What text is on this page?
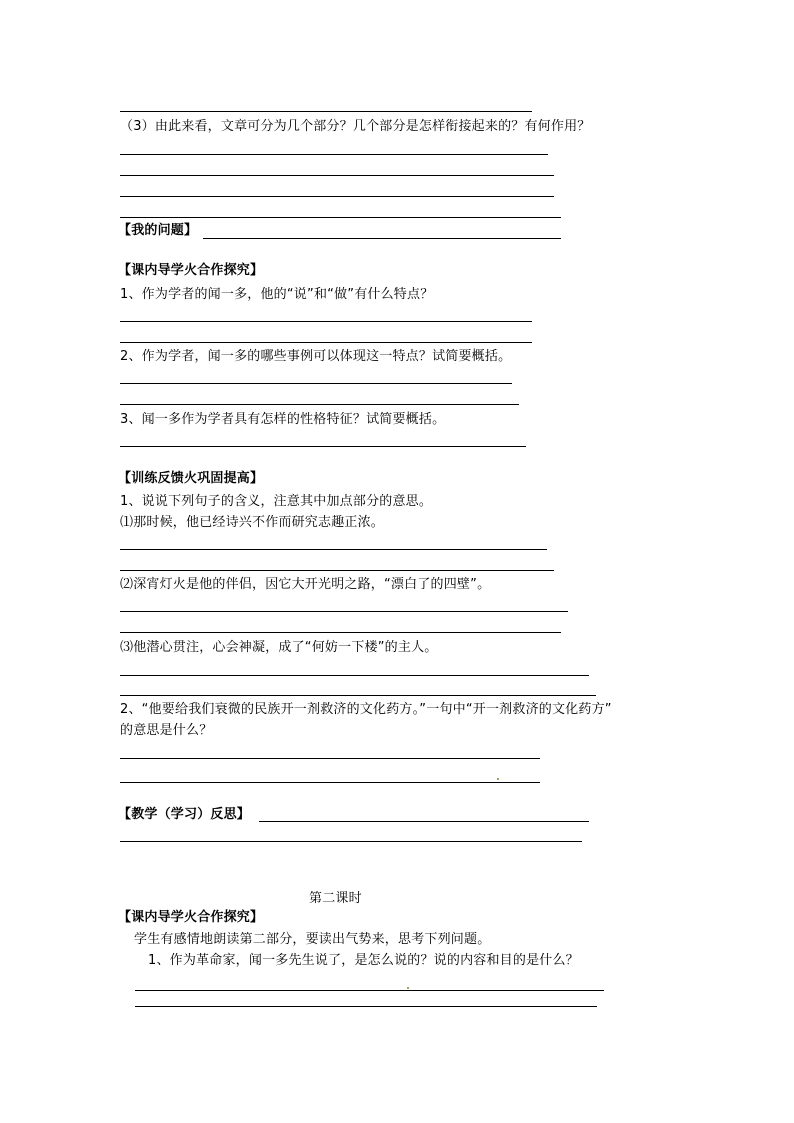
（3）由此来看，文章可分为几个部分？几个部分是怎样衔接起来的？有何作用？
【我的问题】
【课内导学火合作探究】
1、作为学者的闻一多，他的“说”和“做”有什么特点？
2、作为学者，闻一多的哪些事例可以体现这一特点？试简要概括。
3、闻一多作为学者具有怎样的性格特征？试简要概括。
【训练反馈火巩固提高】
1、说说下列句子的含义，注意其中加点部分的意思。
⑴那时候，他已经诗兴不作而研究志趣正浓。
⑵深宵灯火是他的伴侣，因它大开光明之路，“漂白了的四壁”。
⑶他潜心贯注，心会神凝，成了“何妨一下楼”的主人。
2、“他要给我们衰微的民族开一剂救济的文化药方。”一句中“开一剂救济的文化药方”
的意思是什么？
【教学（学习）反思】
第二课时
【课内导学火合作探究】
学生有感情地朗读第二部分，要读出气势来，思考下列问题。
1、作为革命家，闻一多先生说了，是怎么说的？说的内容和目的是什么？
